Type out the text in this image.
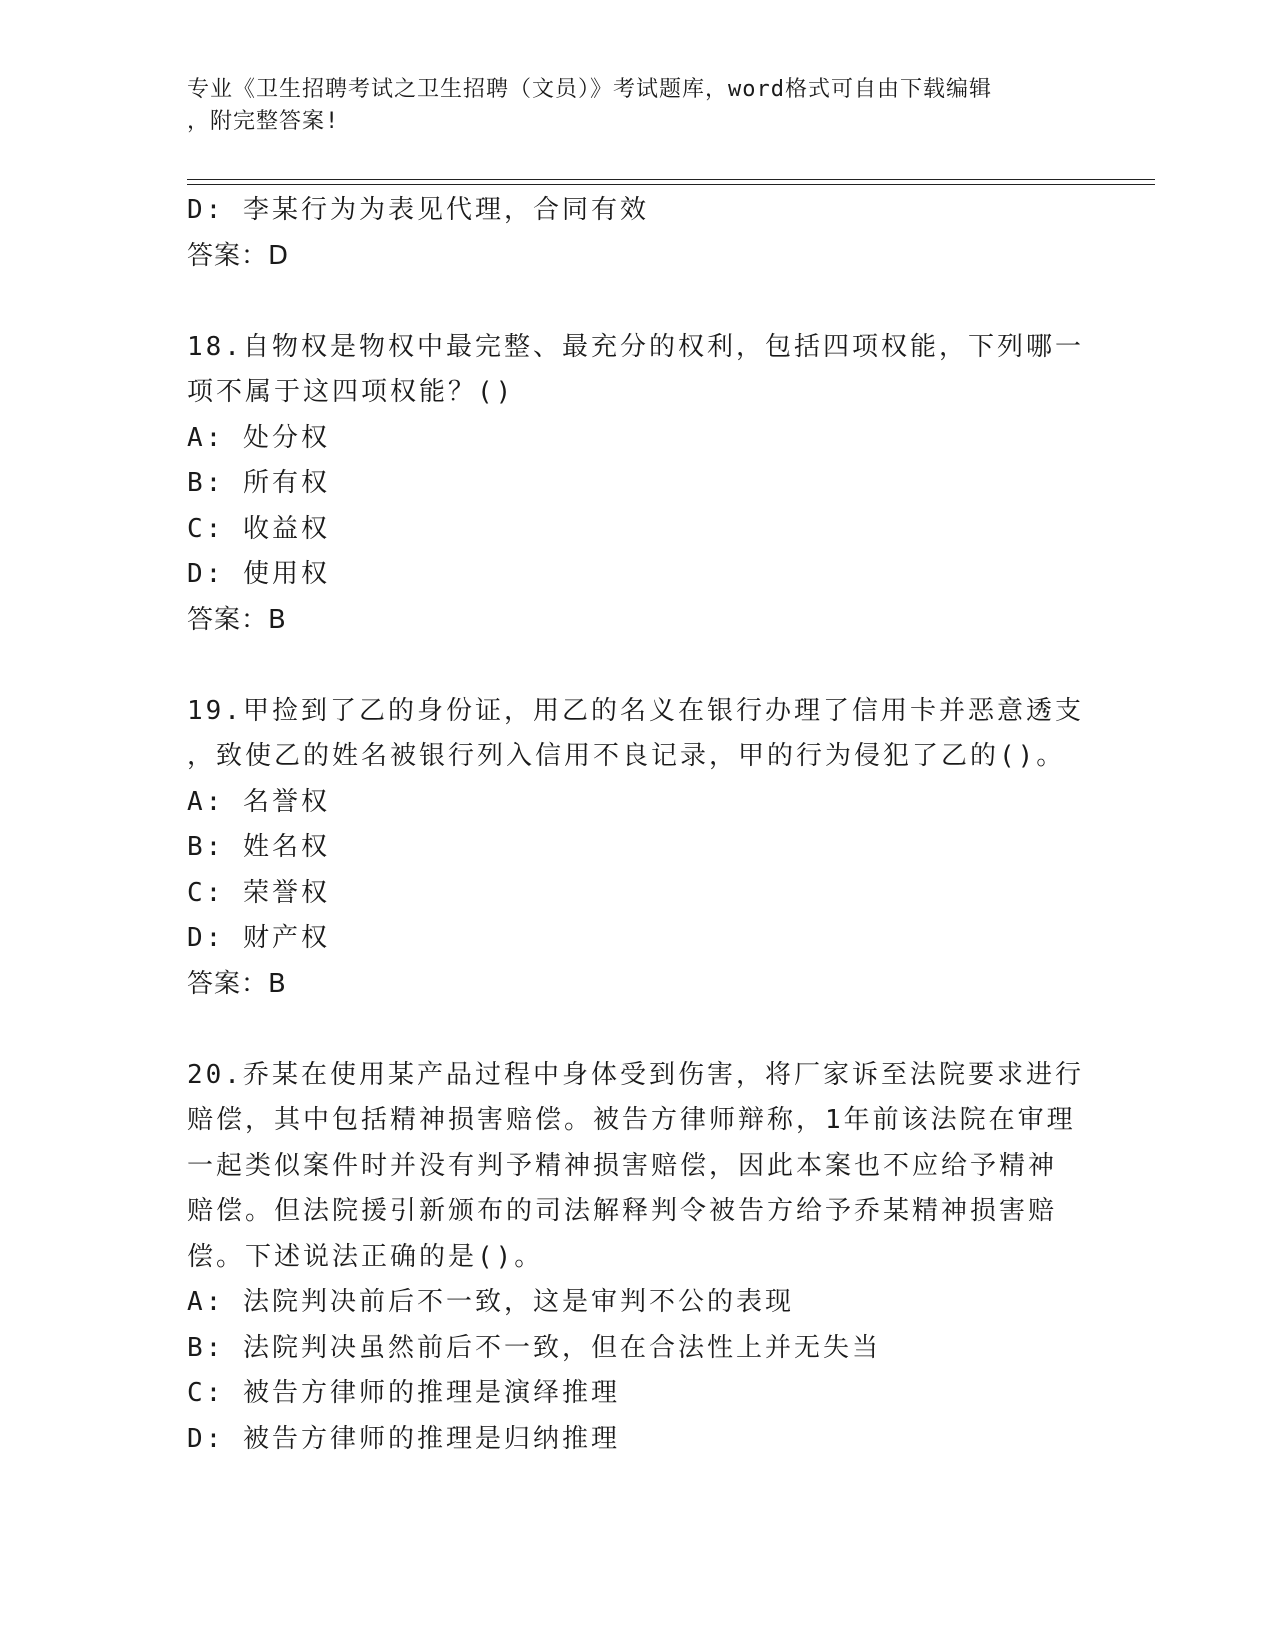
专业《卫生招聘考试之卫生招聘（文员）》考试题库，word格式可自由下载编辑
，附完整答案!
D: 李某行为为表见代理，合同有效
答案：D
18.自物权是物权中最完整、最充分的权利，包括四项权能，下列哪一
项不属于这四项权能？()
A: 处分权
B: 所有权
C: 收益权
D: 使用权
答案：B
19.甲捡到了乙的身份证，用乙的名义在银行办理了信用卡并恶意透支
，致使乙的姓名被银行列入信用不良记录，甲的行为侵犯了乙的()。
A: 名誉权
B: 姓名权
C: 荣誉权
D: 财产权
答案：B
20.乔某在使用某产品过程中身体受到伤害，将厂家诉至法院要求进行
赔偿，其中包括精神损害赔偿。被告方律师辩称，1年前该法院在审理
一起类似案件时并没有判予精神损害赔偿，因此本案也不应给予精神
赔偿。但法院援引新颁布的司法解释判令被告方给予乔某精神损害赔
偿。下述说法正确的是()。
A: 法院判决前后不一致，这是审判不公的表现
B: 法院判决虽然前后不一致，但在合法性上并无失当
C: 被告方律师的推理是演绎推理
D: 被告方律师的推理是归纳推理
